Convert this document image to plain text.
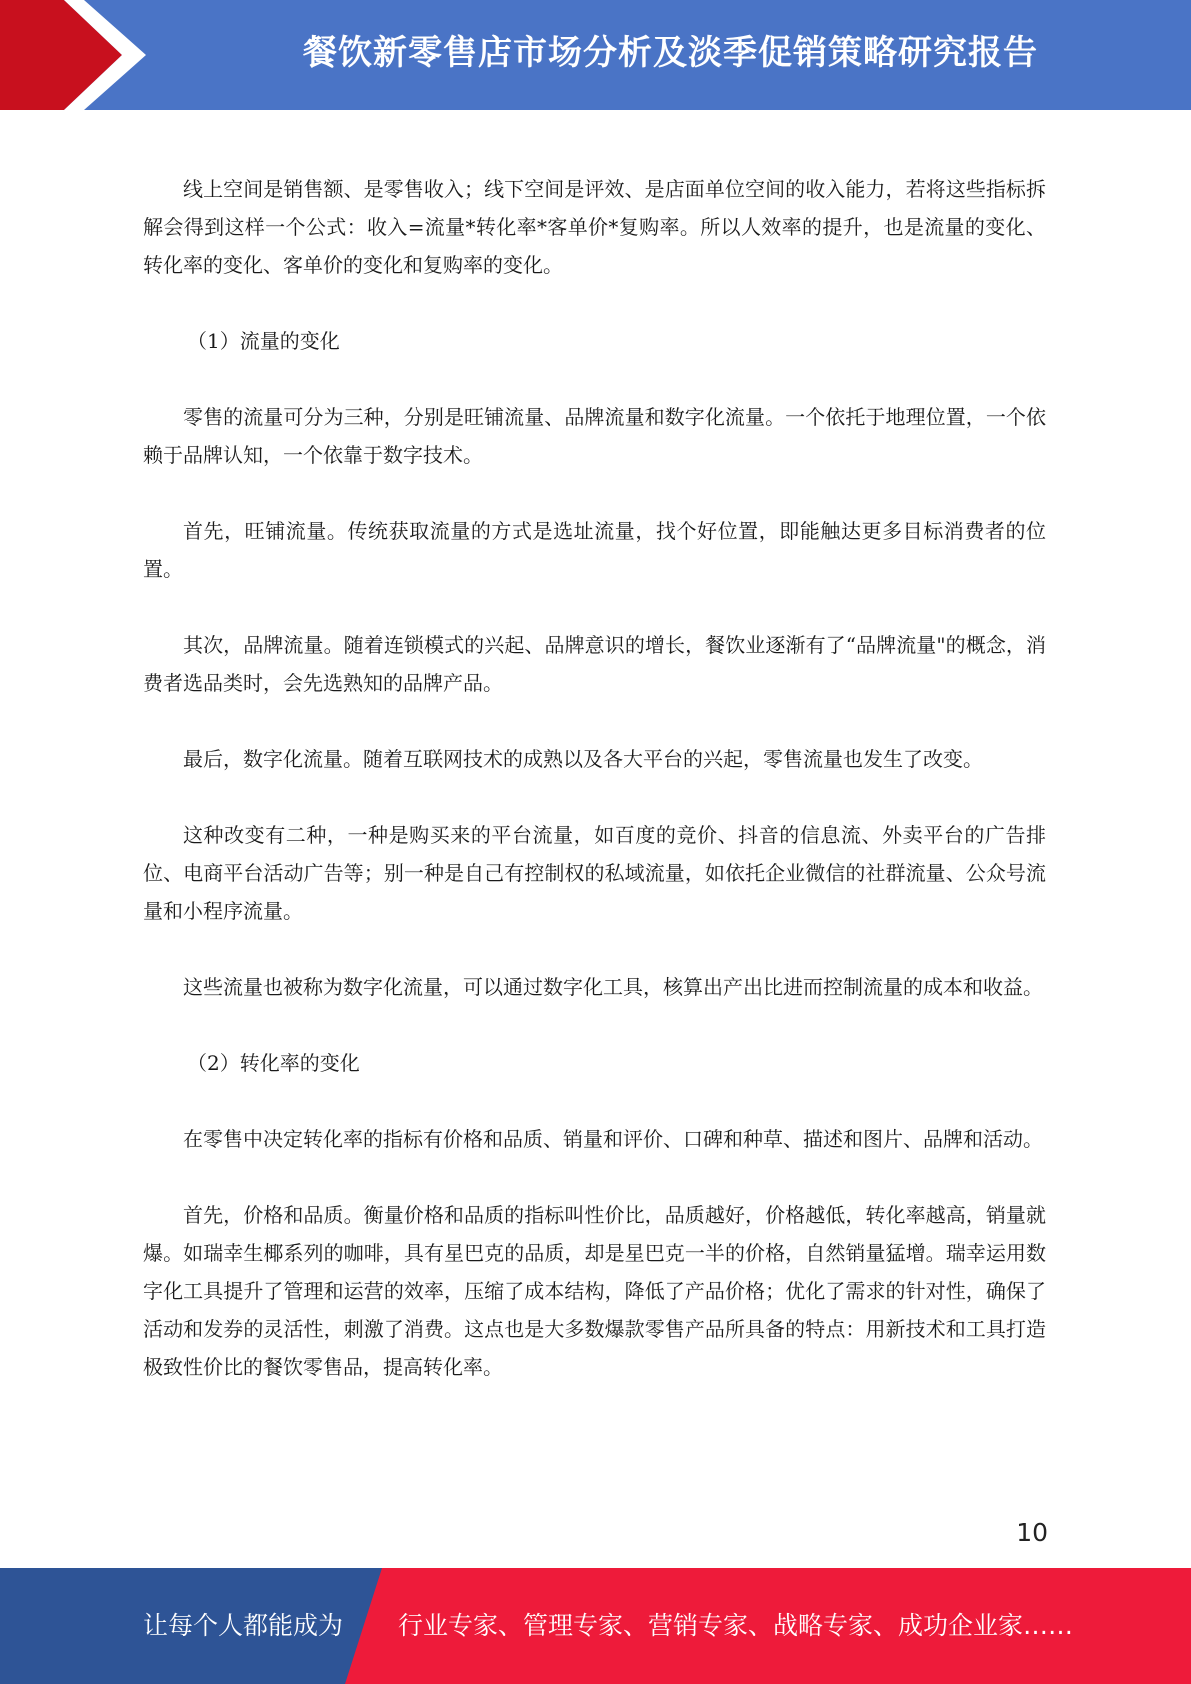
餐饮新零售店市场分析及淡季促销策略研究报告

线上空间是销售额、是零售收入；线下空间是评效、是店面单位空间的收入能力，若将这些指标拆解会得到这样一个公式：收入=流量*转化率*客单价*复购率。所以人效率的提升，也是流量的变化、转化率的变化、客单价的变化和复购率的变化。

（1）流量的变化

零售的流量可分为三种，分别是旺铺流量、品牌流量和数字化流量。一个依托于地理位置，一个依赖于品牌认知，一个依靠于数字技术。

首先，旺铺流量。传统获取流量的方式是选址流量，找个好位置，即能触达更多目标消费者的位置。

其次，品牌流量。随着连锁模式的兴起、品牌意识的增长，餐饮业逐渐有了“品牌流量"的概念，消费者选品类时，会先选熟知的品牌产品。

最后，数字化流量。随着互联网技术的成熟以及各大平台的兴起，零售流量也发生了改变。

这种改变有二种，一种是购买来的平台流量，如百度的竞价、抖音的信息流、外卖平台的广告排位、电商平台活动广告等；别一种是自己有控制权的私域流量，如依托企业微信的社群流量、公众号流量和小程序流量。

这些流量也被称为数字化流量，可以通过数字化工具，核算出产出比进而控制流量的成本和收益。

（2）转化率的变化

在零售中决定转化率的指标有价格和品质、销量和评价、口碑和种草、描述和图片、品牌和活动。

首先，价格和品质。衡量价格和品质的指标叫性价比，品质越好，价格越低，转化率越高，销量就爆。如瑞幸生椰系列的咖啡，具有星巴克的品质，却是星巴克一半的价格，自然销量猛增。瑞幸运用数字化工具提升了管理和运营的效率，压缩了成本结构，降低了产品价格；优化了需求的针对性，确保了活动和发券的灵活性，刺激了消费。这点也是大多数爆款零售产品所具备的特点：用新技术和工具打造极致性价比的餐饮零售品，提高转化率。

10
让每个人都能成为 行业专家、管理专家、营销专家、战略专家、成功企业家……
